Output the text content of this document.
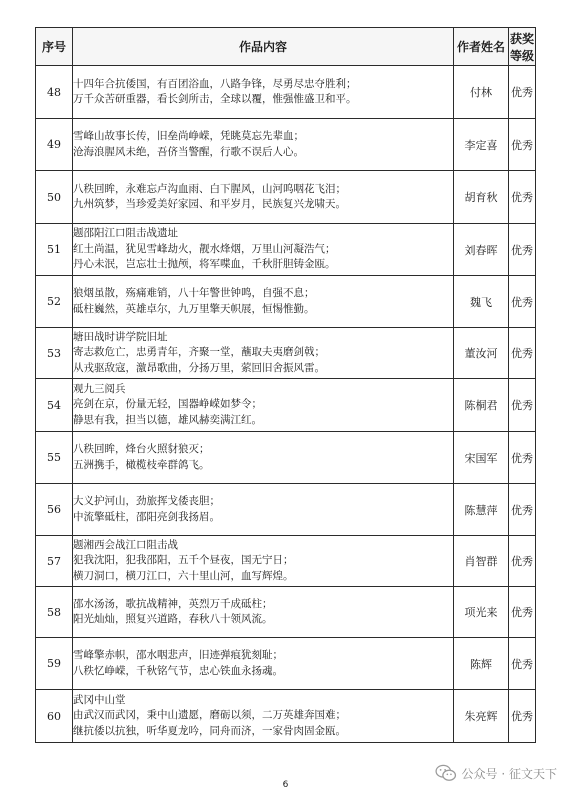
序号	作品内容	作者姓名	获奖
等级
48	十四年合抗倭国，有百团浴血，八路争锋，尽勇尽忠夺胜利；
万千众苦研重器，看长剑所击，全球以覆，惟强惟盛卫和平。	付林	优秀
49	雪峰山故事长传，旧垒尚峥嵘，凭眺莫忘先辈血；
沧海浪腥风未绝，吾侪当警醒，行歌不误后人心。	李定喜	优秀
50	八秩回眸，永难忘卢沟血雨、白下腥风，山河呜咽花飞泪；
九州筑梦，当珍爱美好家园、和平岁月，民族复兴龙啸天。	胡育秋	优秀
51	题邵阳江口阻击战遗址
红土尚温，犹见雪峰劫火，靓水烽烟，万里山河凝浩气；
丹心未泯，岂忘壮士抛颅，将军喋血，千秋肝胆铸金瓯。	刘春晖	优秀
52	狼烟虽散，殇痛难销，八十年警世钟鸣，自强不息；
砥柱巍然，英雄卓尔，九万里擎天帜展，恒惕惟勤。	魏飞	优秀
53	塘田战时讲学院旧址
寄志救危亡，忠勇青年，齐聚一堂，蘸取夫夷磨剑戟；
从戎驱敌寇，激昂歌曲，分扬万里，萦回旧舍振风雷。	董汝河	优秀
54	观九三阅兵
亮剑在京，份量无轻，国器峥嵘如梦令；
静思有我，担当以德，雄风赫奕满江红。	陈桐君	优秀
55	八秩回眸，烽台火照豺狼灭；
五洲携手，橄榄枝牵群鸽飞。	宋国军	优秀
56	大义护河山，劲旅挥戈倭丧胆；
中流擎砥柱，邵阳亮剑我扬眉。	陈慧萍	优秀
57	题湘西会战江口阻击战
犯我沈阳，犯我邵阳，五千个昼夜，国无宁日；
横刀洞口，横刀江口，六十里山河，血写辉煌。	肖智群	优秀
58	邵水汤汤，歌抗战精神，英烈万千成砥柱；
阳光灿灿，照复兴道路，春秋八十领风流。	项光来	优秀
59	雪峰擎赤帜，邵水咽悲声，旧迹弹痕犹刻耻；
八秩忆峥嵘，千秋铭气节，忠心铁血永扬魂。	陈辉	优秀
60	武冈中山堂
由武汉而武冈，秉中山遗愿，磨砺以须，二万英雄奔国难；
继抗倭以抗独，听华夏龙吟，同舟而济，一家骨肉固金瓯。	朱亮辉	优秀
6
公众号 · 征文天下
